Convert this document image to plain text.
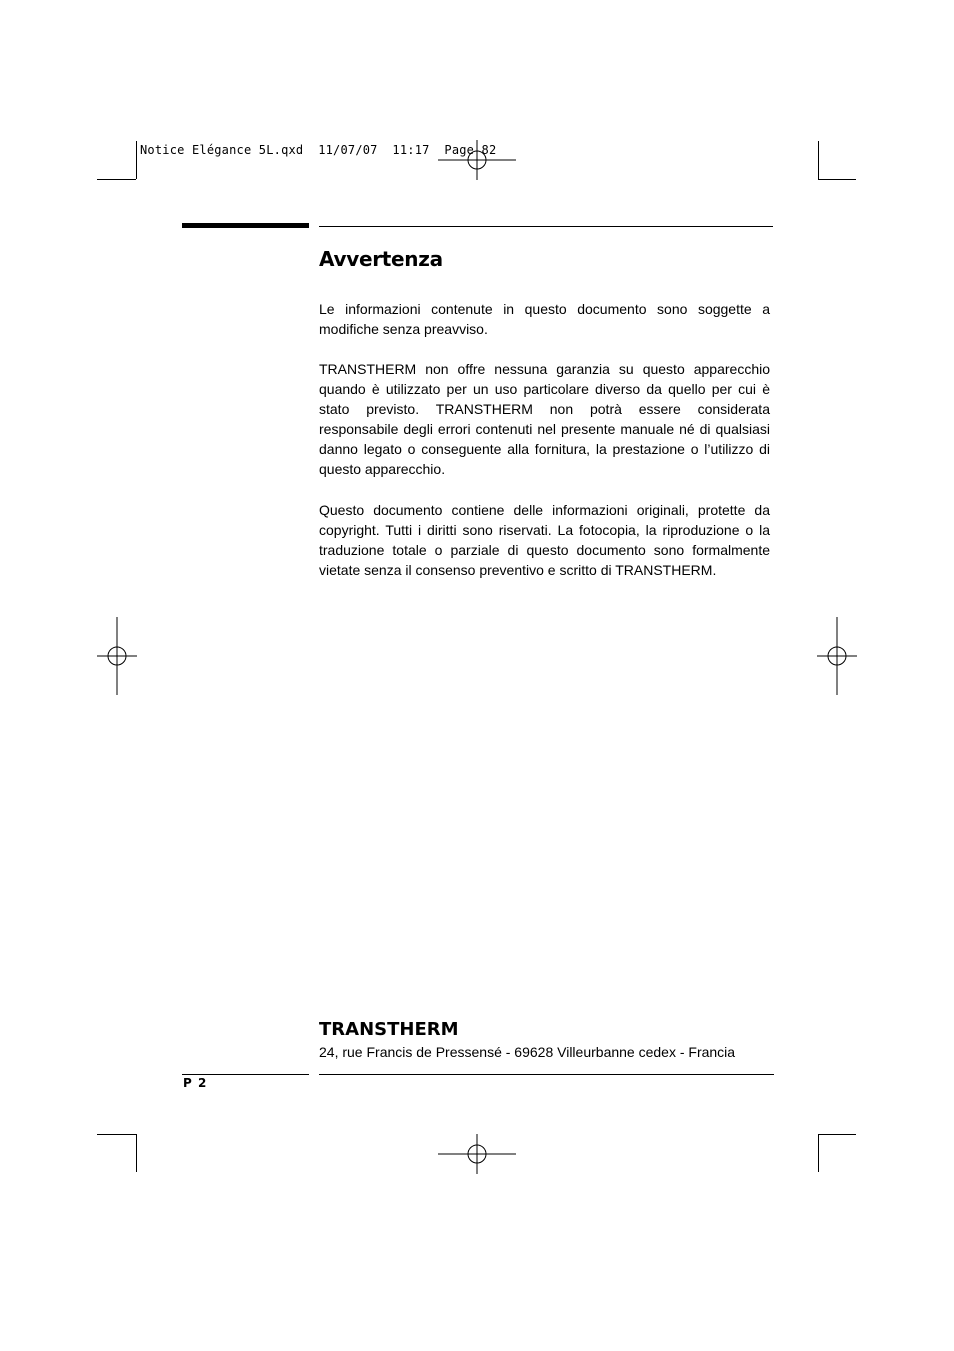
Notice Elégance 5L.qxd  11/07/07  11:17  Page 82
Avvertenza
Le informazioni contenute in questo documento sono soggette a modifiche senza preavviso.
TRANSTHERM non offre nessuna garanzia su questo apparecchio quando è utilizzato per un uso particolare diverso da quello per cui è stato previsto. TRANSTHERM non potrà essere considerata responsabile degli errori contenuti nel presente manuale né di qualsiasi danno legato o conseguente alla fornitura, la prestazione o l’utilizzo di questo apparecchio.
Questo documento contiene delle informazioni originali, protette da copyright. Tutti i diritti sono riservati. La fotocopia, la riproduzione o la traduzione totale o parziale di questo documento sono formalmente vietate senza il consenso preventivo e scritto di TRANSTHERM.
TRANSTHERM
24, rue Francis de Pressensé - 69628 Villeurbanne cedex - Francia
P 2
